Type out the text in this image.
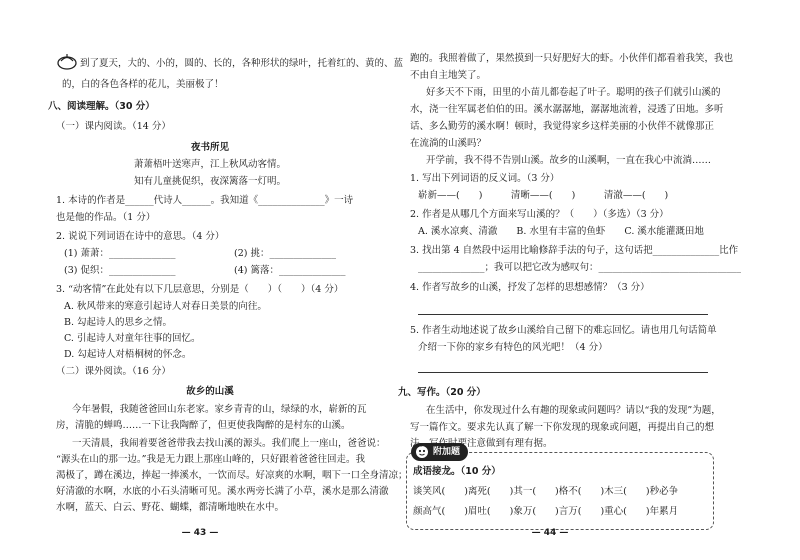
到了夏天，大的、小的，圆的、长的，各种形状的绿叶，托着红的、黄的、蓝
的，白的各色各样的花儿，美丽极了！
八、阅读理解。（30 分）
（一）课内阅读。（14 分）
夜书所见
萧萧梧叶送寒声，江上秋风动客情。
知有儿童挑促织，夜深篱落一灯明。
1. 本诗的作者是______代诗人______。我知道《______________》一诗
也是他的作品。（1 分）
2. 说说下列词语在诗中的意思。（4 分）
(1) 萧萧：______________	(2) 挑：______________
(3) 促织：______________	(4) 篱落：______________
3. “动客情”在此处有以下几层意思，分别是（　　）（　　）（4 分）
A. 秋风带来的寒意引起诗人对春日美景的向往。
B. 勾起诗人的思乡之情。
C. 引起诗人对童年往事的回忆。
D. 勾起诗人对梧桐树的怀念。
（二）课外阅读。（16 分）
故乡的山溪
今年暑假，我随爸爸回山东老家。家乡青青的山，绿绿的水，崭新的瓦
房，清脆的蝉鸣……一下让我陶醉了，但更使我陶醉的是村东的山溪。
一天清晨，我闹着要爸爸带我去找山溪的源头。我们爬上一座山，爸爸说：
“源头在山的那一边。”我是无力跟上那座山峰的，只好跟着爸爸往回走。我
渴极了，蹲在溪边，捧起一捧溪水，一饮而尽。好凉爽的水啊，咽下一口全身清凉；
好清澈的水啊，水底的小石头清晰可见。溪水两旁长满了小草，溪水是那么清澈
水啊，蓝天、白云、野花、蝴蝶，都清晰地映在水中。
— 43 —
跑的。我照着做了，果然摸到一只好肥好大的虾。小伙伴们都看着我笑，我也
不由自主地笑了。
好多天不下雨，田里的小苗儿都卷起了叶子。聪明的孩子们就引山溪的
水，浇一往军属老伯伯的田。溪水潺潺地，潺潺地流着，浸透了田地。多听
话、多么勤劳的溪水啊！顿时，我觉得家乡这样美丽的小伙伴不就像那正
在流淌的山溪吗？
开学前，我不得不告别山溪。故乡的山溪啊，一直在我心中流淌……
1. 写出下列词语的反义词。（3 分）
崭新——(　　)　　　清晰——(　　)　　　清澈——(　　)
2. 作者是从哪几个方面来写山溪的？（　　）（多选）（3 分）
A. 溪水凉爽、清澈　　B. 水里有丰富的鱼虾　　C. 溪水能灌溉田地
3. 找出第 4 自然段中运用比喻修辞手法的句子，这句话把______________比作
______________；我可以把它改为感叹句：______________________________
4. 作者写故乡的山溪，抒发了怎样的思想感情？（3 分）
5. 作者生动地述说了故乡山溪给自己留下的难忘回忆。请也用几句话简单
介绍一下你的家乡有特色的风光吧！（4 分）
九、写作。（20 分）
在生活中，你发现过什么有趣的现象或问题吗？请以“我的发现”为题，
附加题
成语接龙。（10 分）
谈笑风(　　)离死(　　)其一(　　)格不(　　)木三(　　)秒必争
颜高气(　　)眉吐(　　)象万(　　)言万(　　)重心(　　)年累月
写一篇作文。要求先认真了解一下你发现的现象或问题，再提出自己的想
法。写作时要注意做到有理有据。
— 44 —
